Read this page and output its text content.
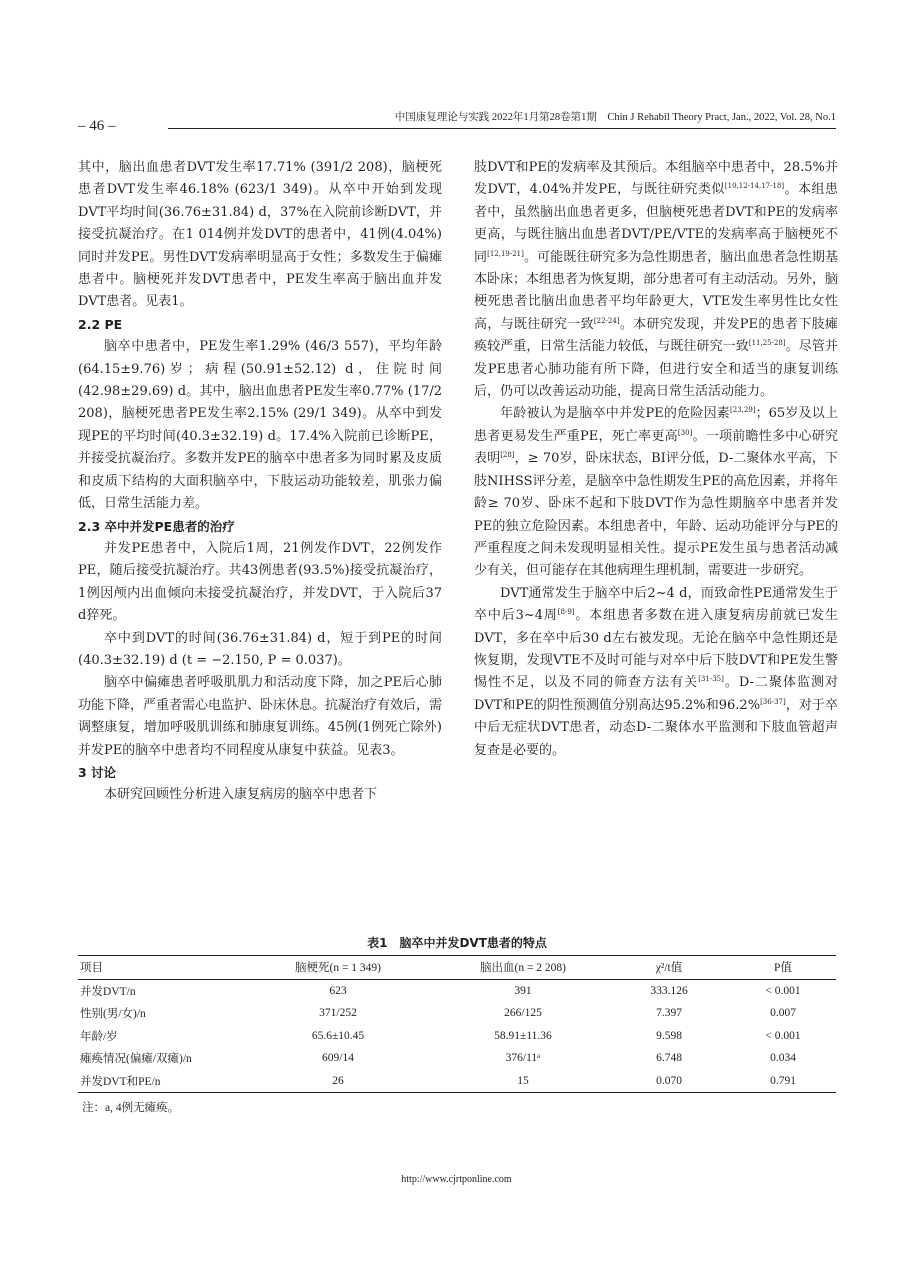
– 46 –
中国康复理论与实践 2022年1月第28卷第1期　Chin J Rehabil Theory Pract, Jan., 2022, Vol. 28, No.1

其中，脑出血患者DVT发生率17.71% (391/2 208)，脑梗死患者DVT发生率46.18% (623/1 349)。从卒中开始到发现DVT平均时间(36.76±31.84) d，37%在入院前诊断DVT，并接受抗凝治疗。在1 014例并发DVT的患者中，41例(4.04%)同时并发PE。男性DVT发病率明显高于女性；多数发生于偏瘫患者中。脑梗死并发DVT患者中，PE发生率高于脑出血并发DVT患者。见表1。

2.2 PE

脑卒中患者中，PE发生率1.29% (46/3 557)，平均年龄(64.15±9.76)岁；病程(50.91±52.12) d，住院时间(42.98±29.69) d。其中，脑出血患者PE发生率0.77% (17/2 208)，脑梗死患者PE发生率2.15% (29/1 349)。从卒中到发现PE的平均时间(40.3±32.19) d。17.4%入院前已诊断PE，并接受抗凝治疗。多数并发PE的脑卒中患者多为同时累及皮质和皮质下结构的大面积脑卒中，下肢运动功能较差，肌张力偏低，日常生活能力差。

2.3 卒中并发PE患者的治疗

并发PE患者中，入院后1周，21例发作DVT，22例发作PE，随后接受抗凝治疗。共43例患者(93.5%)接受抗凝治疗，1例因颅内出血倾向未接受抗凝治疗，并发DVT，于入院后37 d猝死。

卒中到DVT的时间(36.76±31.84) d，短于到PE的时间(40.3±32.19) d (t = −2.150, P = 0.037)。

脑卒中偏瘫患者呼吸肌肌力和活动度下降，加之PE后心肺功能下降，严重者需心电监护、卧床休息。抗凝治疗有效后，需调整康复，增加呼吸肌训练和肺康复训练。45例(1例死亡除外)并发PE的脑卒中患者均不同程度从康复中获益。见表3。

3 讨论

本研究回顾性分析进入康复病房的脑卒中患者下

肢DVT和PE的发病率及其预后。本组脑卒中患者中，28.5%并发DVT，4.04%并发PE，与既往研究类似[10,12-14,17-18]。本组患者中，虽然脑出血患者更多，但脑梗死患者DVT和PE的发病率更高，与既往脑出血患者DVT/PE/VTE的发病率高于脑梗死不同[12,19-21]。可能既往研究多为急性期患者，脑出血患者急性期基本卧床；本组患者为恢复期，部分患者可有主动活动。另外，脑梗死患者比脑出血患者平均年龄更大，VTE发生率男性比女性高，与既往研究一致[22-24]。本研究发现，并发PE的患者下肢瘫痪较严重，日常生活能力较低，与既往研究一致[11,25-28]。尽管并发PE患者心肺功能有所下降，但进行安全和适当的康复训练后，仍可以改善运动功能，提高日常生活活动能力。

年龄被认为是脑卒中并发PE的危险因素[23,29]；65岁及以上患者更易发生严重PE，死亡率更高[30]。一项前瞻性多中心研究表明[28]，≥ 70岁，卧床状态，BI评分低，D-二聚体水平高，下肢NIHSS评分差，是脑卒中急性期发生PE的高危因素，并将年龄≥ 70岁、卧床不起和下肢DVT作为急性期脑卒中患者并发PE的独立危险因素。本组患者中，年龄、运动功能评分与PE的严重程度之间未发现明显相关性。提示PE发生虽与患者活动减少有关，但可能存在其他病理生理机制，需要进一步研究。

DVT通常发生于脑卒中后2~4 d，而致命性PE通常发生于卒中后3~4周[8-9]。本组患者多数在进入康复病房前就已发生DVT，多在卒中后30 d左右被发现。无论在脑卒中急性期还是恢复期，发现VTE不及时可能与对卒中后下肢DVT和PE发生警惕性不足，以及不同的筛查方法有关[31-35]。D-二聚体监测对DVT和PE的阴性预测值分别高达95.2%和96.2%[36-37]，对于卒中后无症状DVT患者，动态D-二聚体水平监测和下肢血管超声复查是必要的。

表1　脑卒中并发DVT患者的特点
项目	脑梗死(n = 1 349)	脑出血(n = 2 208)	χ²/t值	P值
并发DVT/n	623	391	333.126	< 0.001
性别(男/女)/n	371/252	266/125	7.397	0.007
年龄/岁	65.6±10.45	58.91±11.36	9.598	< 0.001
瘫痪情况(偏瘫/双瘫)/n	609/14	376/11ᵃ	6.748	0.034
并发DVT和PE/n	26	15	0.070	0.791
注：a, 4例无瘫痪。
http://www.cjrtponline.com
